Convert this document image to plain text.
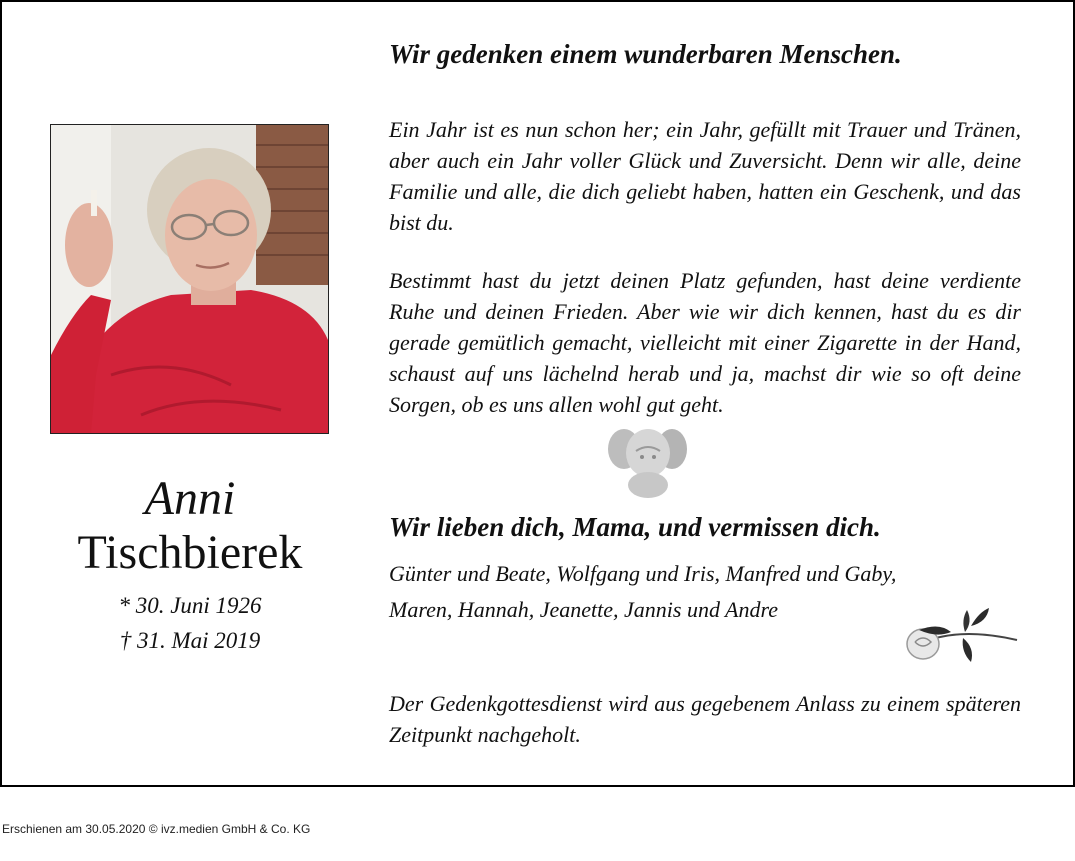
Anni
Tischbierek
* 30. Juni 1926
† 31. Mai 2019
Wir gedenken einem wunderbaren Menschen.
Ein Jahr ist es nun schon her; ein Jahr, gefüllt mit Trauer und Tränen, aber auch ein Jahr voller Glück und Zuversicht. Denn wir alle, deine Familie und alle, die dich geliebt haben, hatten ein Geschenk, und das bist du.
Bestimmt hast du jetzt deinen Platz gefunden, hast deine verdiente Ruhe und deinen Frieden. Aber wie wir dich kennen, hast du es dir gerade gemütlich gemacht, vielleicht mit einer Zigarette in der Hand, schaust auf uns lächelnd herab und ja, machst dir wie so oft deine Sorgen, ob es uns allen wohl gut geht.
Wir lieben dich, Mama, und vermissen dich.
Günter und Beate, Wolfgang und Iris, Manfred und Gaby,
Maren, Hannah, Jeanette, Jannis und Andre
Der Gedenkgottesdienst wird aus gegebenem Anlass zu einem späteren Zeitpunkt nachgeholt.
Erschienen am 30.05.2020 © ivz.medien GmbH & Co. KG
